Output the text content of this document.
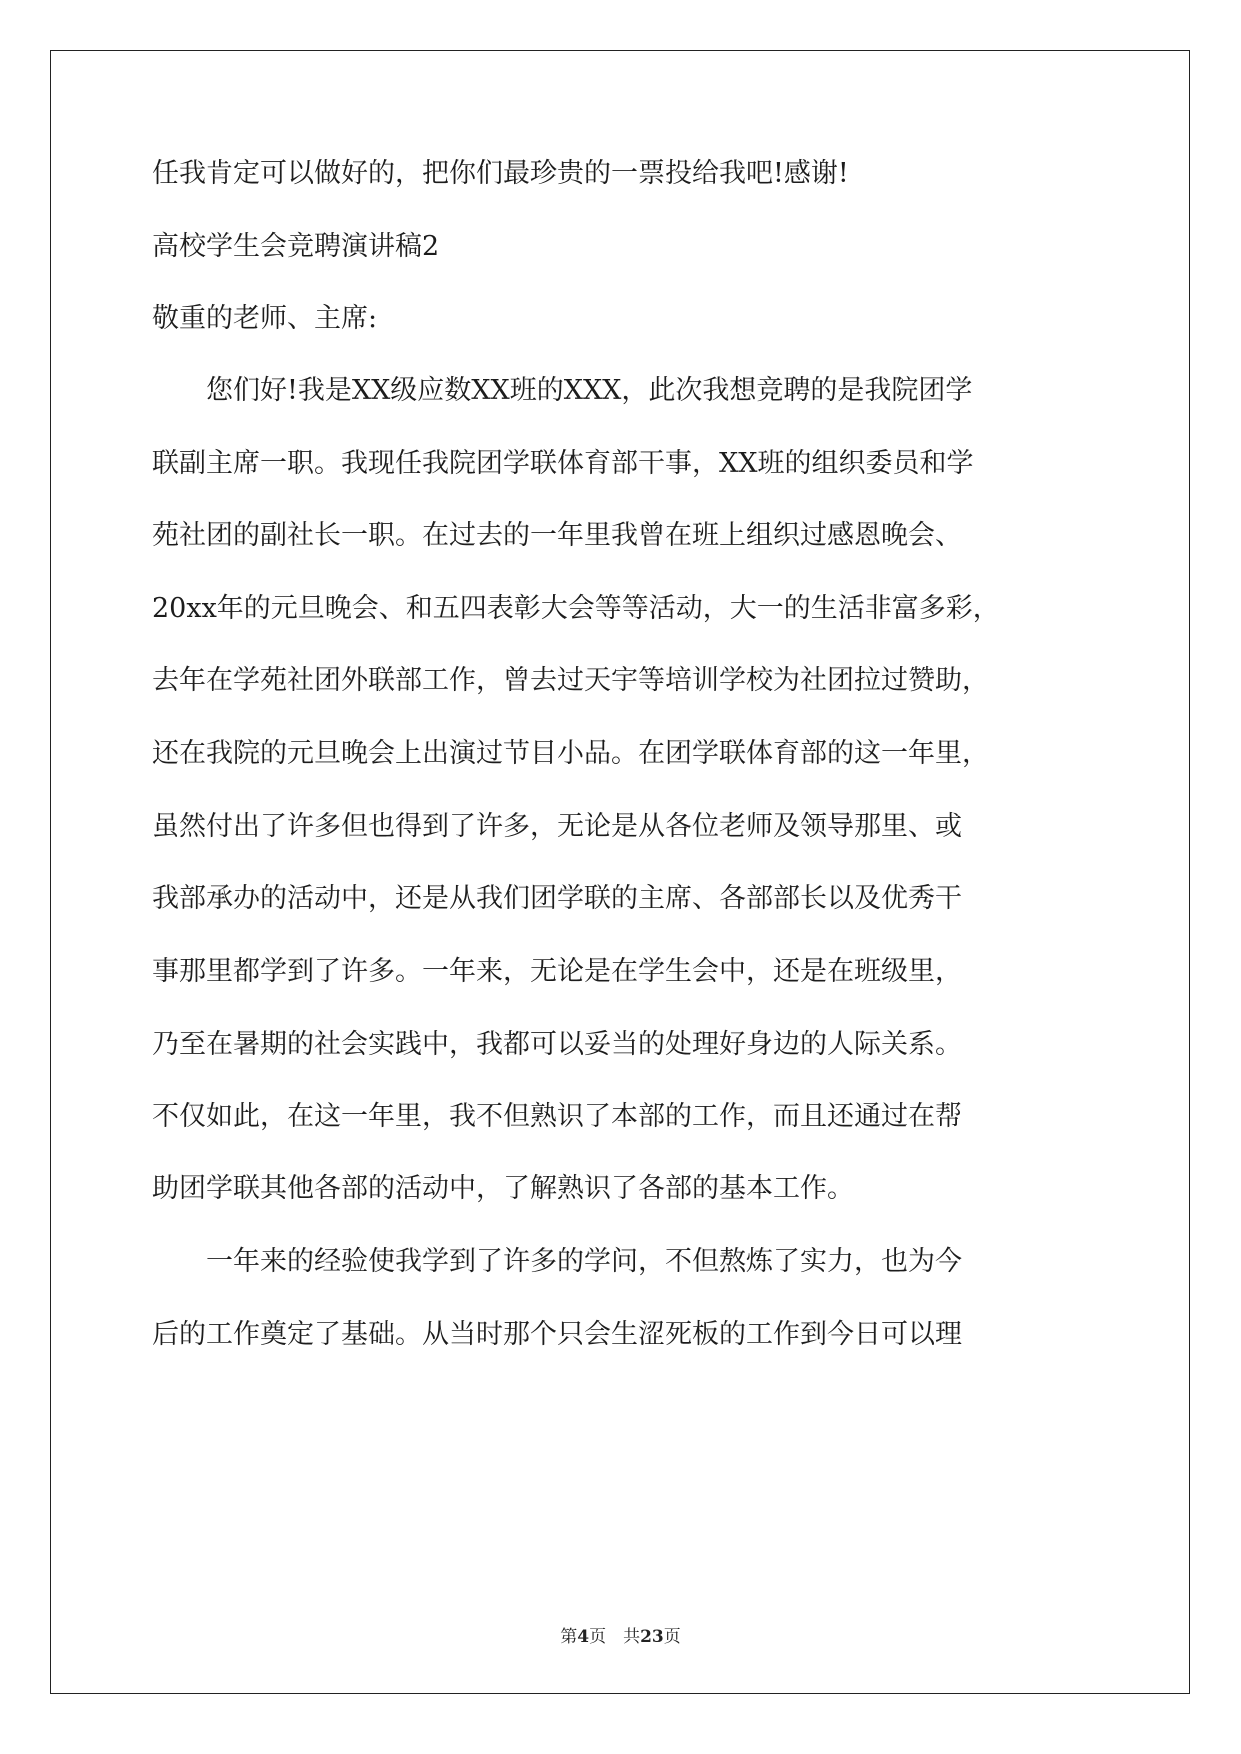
任我肯定可以做好的，把你们最珍贵的一票投给我吧!感谢!

高校学生会竞聘演讲稿2

敬重的老师、主席:

　　您们好!我是XX级应数XX班的XXX，此次我想竞聘的是我院团学

联副主席一职。我现任我院团学联体育部干事，XX班的组织委员和学

苑社团的副社长一职。在过去的一年里我曾在班上组织过感恩晚会、

20xx年的元旦晚会、和五四表彰大会等等活动，大一的生活非富多彩，

去年在学苑社团外联部工作，曾去过天宇等培训学校为社团拉过赞助，

还在我院的元旦晚会上出演过节目小品。在团学联体育部的这一年里，

虽然付出了许多但也得到了许多，无论是从各位老师及领导那里、或

我部承办的活动中，还是从我们团学联的主席、各部部长以及优秀干

事那里都学到了许多。一年来，无论是在学生会中，还是在班级里，

乃至在暑期的社会实践中，我都可以妥当的处理好身边的人际关系。

不仅如此，在这一年里，我不但熟识了本部的工作，而且还通过在帮

助团学联其他各部的活动中，了解熟识了各部的基本工作。

　　一年来的经验使我学到了许多的学问，不但熬炼了实力，也为今

后的工作奠定了基础。从当时那个只会生涩死板的工作到今日可以理

第4页　共23页
